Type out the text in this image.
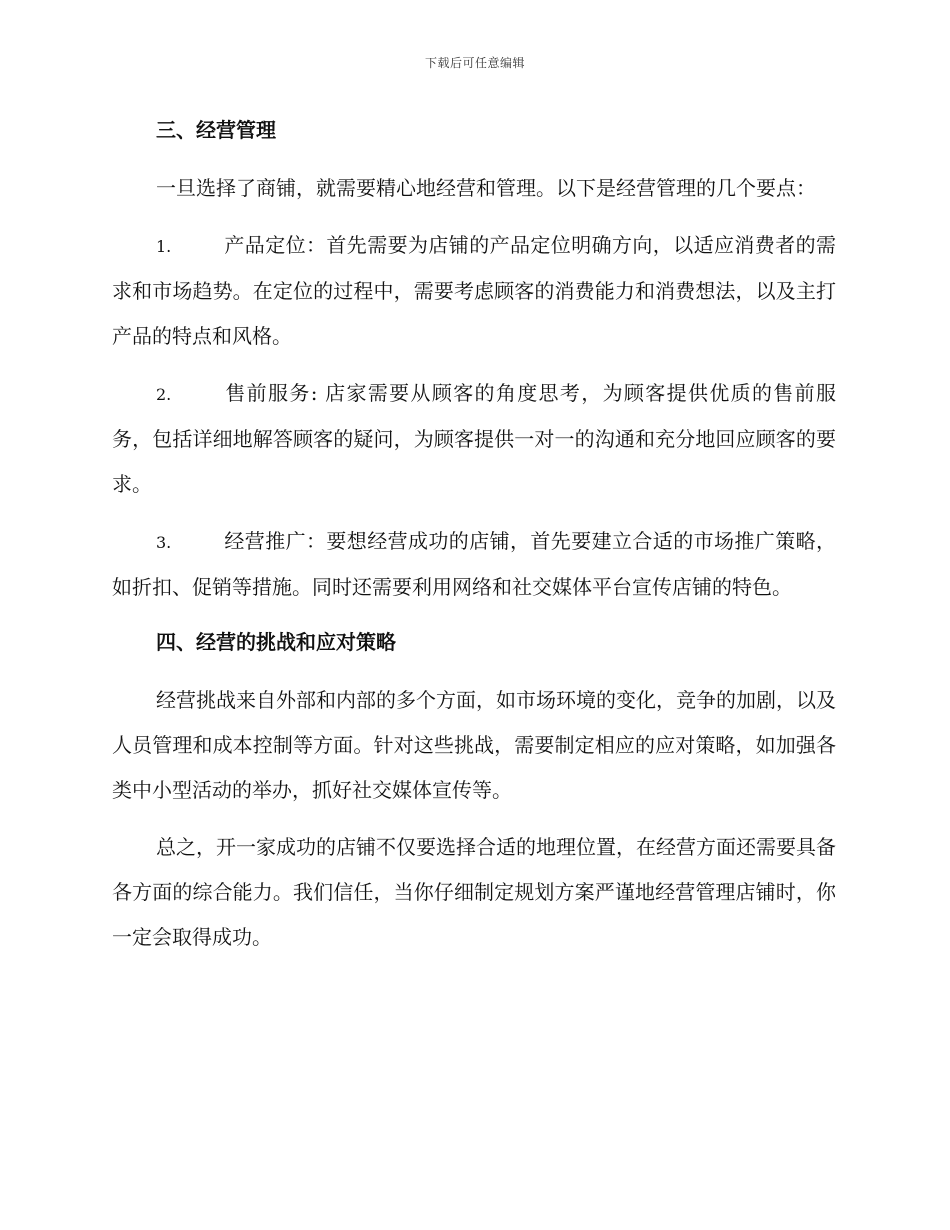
下载后可任意编辑
三、经营管理

一旦选择了商铺，就需要精心地经营和管理。以下是经营管理的几个要点：

1.	产品定位：首先需要为店铺的产品定位明确方向，以适应消费者的需求和市场趋势。在定位的过程中，需要考虑顾客的消费能力和消费想法，以及主打产品的特点和风格。

2.	售前服务: 店家需要从顾客的角度思考，为顾客提供优质的售前服务，包括详细地解答顾客的疑问，为顾客提供一对一的沟通和充分地回应顾客的要求。

3.	经营推广：要想经营成功的店铺，首先要建立合适的市场推广策略，如折扣、促销等措施。同时还需要利用网络和社交媒体平台宣传店铺的特色。

四、经营的挑战和应对策略

经营挑战来自外部和内部的多个方面，如市场环境的变化，竞争的加剧，以及人员管理和成本控制等方面。针对这些挑战，需要制定相应的应对策略，如加强各类中小型活动的举办，抓好社交媒体宣传等。

总之，开一家成功的店铺不仅要选择合适的地理位置，在经营方面还需要具备各方面的综合能力。我们信任，当你仔细制定规划方案严谨地经营管理店铺时，你一定会取得成功。
